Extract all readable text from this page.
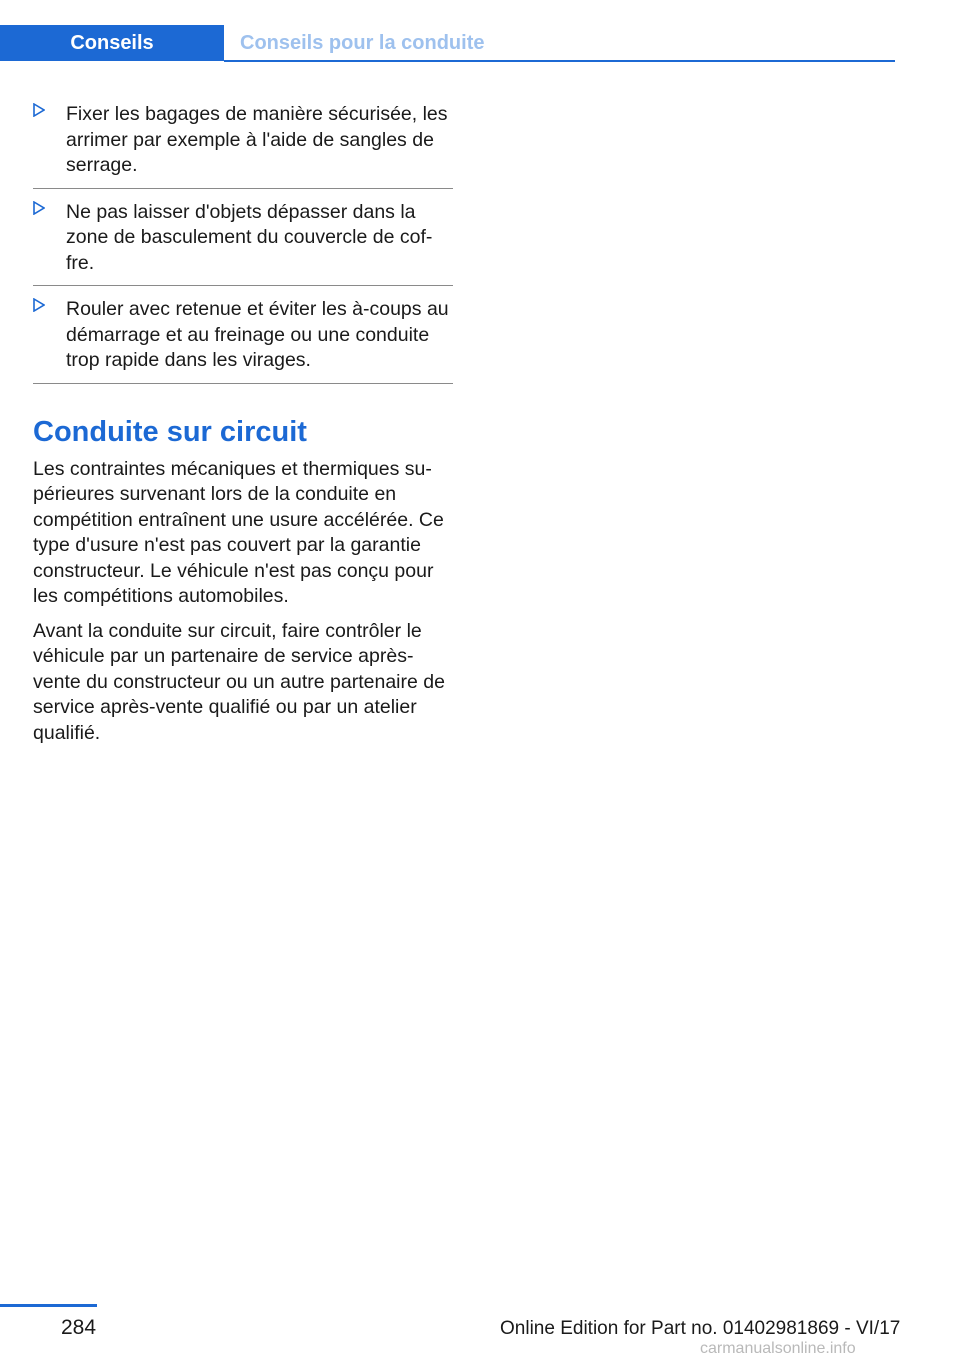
Conseils	Conseils pour la conduite
Fixer les bagages de manière sécurisée, les arrimer par exemple à l'aide de sangles de serrage.
Ne pas laisser d'objets dépasser dans la zone de basculement du couvercle de coffre.
Rouler avec retenue et éviter les à-coups au démarrage et au freinage ou une conduite trop rapide dans les virages.
Conduite sur circuit

Les contraintes mécaniques et thermiques supérieures survenant lors de la conduite en compétition entraînent une usure accélérée. Ce type d'usure n'est pas couvert par la garantie constructeur. Le véhicule n'est pas conçu pour les compétitions automobiles.

Avant la conduite sur circuit, faire contrôler le véhicule par un partenaire de service après-vente du constructeur ou un autre partenaire de service après-vente qualifié ou par un atelier qualifié.

284	Online Edition for Part no. 01402981869 - VI/17
carmanualsonline.info
